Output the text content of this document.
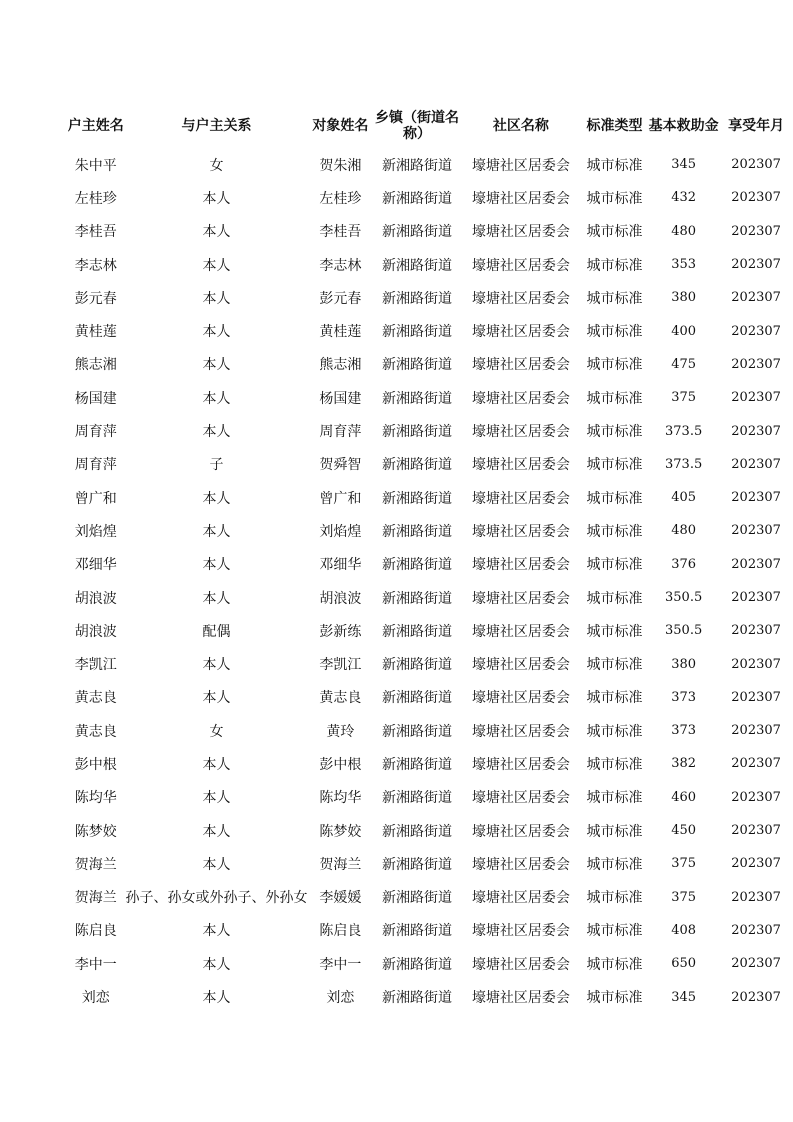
户主姓名	与户主关系	对象姓名	乡镇（街道名称）	社区名称	标准类型	基本救助金	享受年月
朱中平	女	贺朱湘	新湘路街道	壕塘社区居委会	城市标准	345	202307
左桂珍	本人	左桂珍	新湘路街道	壕塘社区居委会	城市标准	432	202307
李桂吾	本人	李桂吾	新湘路街道	壕塘社区居委会	城市标准	480	202307
李志林	本人	李志林	新湘路街道	壕塘社区居委会	城市标准	353	202307
彭元春	本人	彭元春	新湘路街道	壕塘社区居委会	城市标准	380	202307
黄桂莲	本人	黄桂莲	新湘路街道	壕塘社区居委会	城市标准	400	202307
熊志湘	本人	熊志湘	新湘路街道	壕塘社区居委会	城市标准	475	202307
杨国建	本人	杨国建	新湘路街道	壕塘社区居委会	城市标准	375	202307
周育萍	本人	周育萍	新湘路街道	壕塘社区居委会	城市标准	373.5	202307
周育萍	子	贺舜智	新湘路街道	壕塘社区居委会	城市标准	373.5	202307
曾广和	本人	曾广和	新湘路街道	壕塘社区居委会	城市标准	405	202307
刘焰煌	本人	刘焰煌	新湘路街道	壕塘社区居委会	城市标准	480	202307
邓细华	本人	邓细华	新湘路街道	壕塘社区居委会	城市标准	376	202307
胡浪波	本人	胡浪波	新湘路街道	壕塘社区居委会	城市标准	350.5	202307
胡浪波	配偶	彭新练	新湘路街道	壕塘社区居委会	城市标准	350.5	202307
李凯江	本人	李凯江	新湘路街道	壕塘社区居委会	城市标准	380	202307
黄志良	本人	黄志良	新湘路街道	壕塘社区居委会	城市标准	373	202307
黄志良	女	黄玲	新湘路街道	壕塘社区居委会	城市标准	373	202307
彭中根	本人	彭中根	新湘路街道	壕塘社区居委会	城市标准	382	202307
陈均华	本人	陈均华	新湘路街道	壕塘社区居委会	城市标准	460	202307
陈梦姣	本人	陈梦姣	新湘路街道	壕塘社区居委会	城市标准	450	202307
贺海兰	本人	贺海兰	新湘路街道	壕塘社区居委会	城市标准	375	202307
贺海兰	孙子、孙女或外孙子、外孙女	李媛媛	新湘路街道	壕塘社区居委会	城市标准	375	202307
陈启良	本人	陈启良	新湘路街道	壕塘社区居委会	城市标准	408	202307
李中一	本人	李中一	新湘路街道	壕塘社区居委会	城市标准	650	202307
刘恋	本人	刘恋	新湘路街道	壕塘社区居委会	城市标准	345	202307
